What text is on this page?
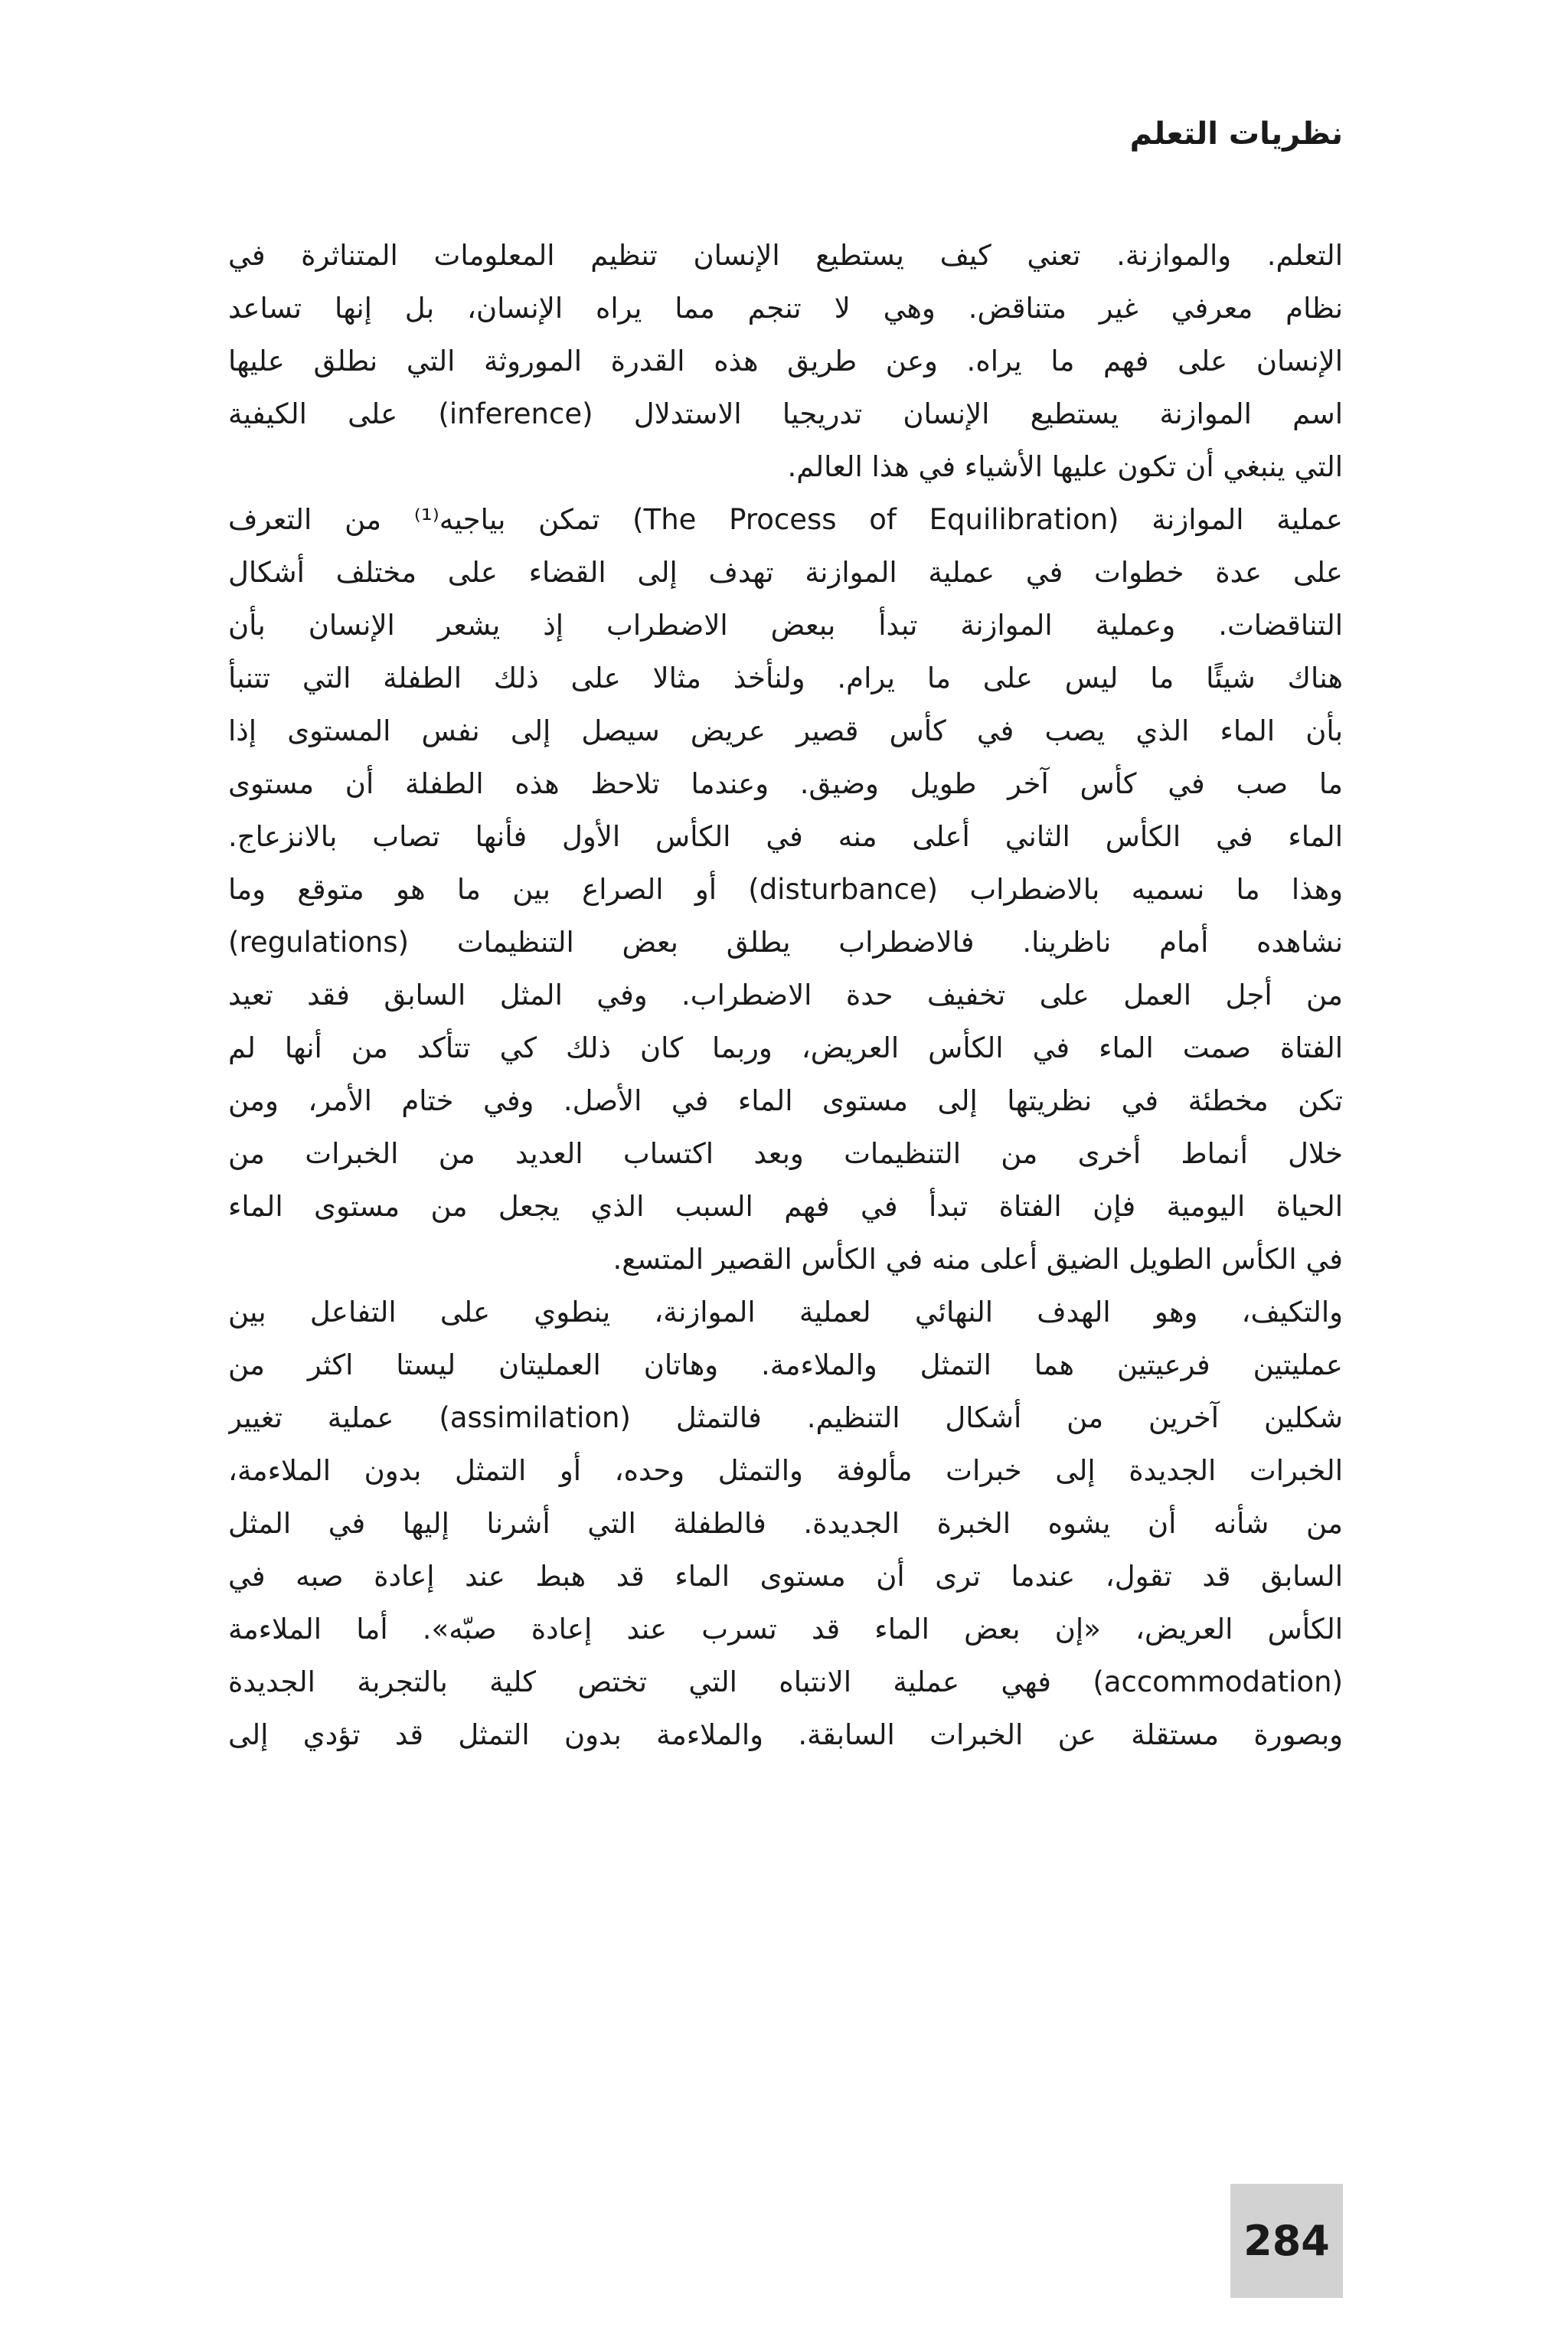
نظريات التعلم
التعلم. والموازنة. تعني كيف يستطيع الإنسان تنظيم المعلومات المتناثرة في
نظام معرفي غير متناقض. وهي لا تنجم مما يراه الإنسان، بل إنها تساعد
الإنسان على فهم ما يراه. وعن طريق هذه القدرة الموروثة التي نطلق عليها
اسم الموازنة يستطيع الإنسان تدريجيا الاستدلال (inference) على الكيفية
التي ينبغي أن تكون عليها الأشياء في هذا العالم.
عملية الموازنة (The Process of Equilibration) تمكن بياجيه⁽¹⁾ من التعرف
على عدة خطوات في عملية الموازنة تهدف إلى القضاء على مختلف أشكال
التناقضات. وعملية الموازنة تبدأ ببعض الاضطراب إذ يشعر الإنسان بأن
هناك شيئًا ما ليس على ما يرام. ولنأخذ مثالا على ذلك الطفلة التي تتنبأ
بأن الماء الذي يصب في كأس قصير عريض سيصل إلى نفس المستوى إذا
ما صب في كأس آخر طويل وضيق. وعندما تلاحظ هذه الطفلة أن مستوى
الماء في الكأس الثاني أعلى منه في الكأس الأول فأنها تصاب بالانزعاج.
وهذا ما نسميه بالاضطراب (disturbance) أو الصراع بين ما هو متوقع وما
نشاهده أمام ناظرينا. فالاضطراب يطلق بعض التنظيمات (regulations)
من أجل العمل على تخفيف حدة الاضطراب. وفي المثل السابق فقد تعيد
الفتاة صمت الماء في الكأس العريض، وربما كان ذلك كي تتأكد من أنها لم
تكن مخطئة في نظريتها إلى مستوى الماء في الأصل. وفي ختام الأمر، ومن
خلال أنماط أخرى من التنظيمات وبعد اكتساب العديد من الخبرات من
الحياة اليومية فإن الفتاة تبدأ في فهم السبب الذي يجعل من مستوى الماء
في الكأس الطويل الضيق أعلى منه في الكأس القصير المتسع.
والتكيف، وهو الهدف النهائي لعملية الموازنة، ينطوي على التفاعل بين
عمليتين فرعيتين هما التمثل والملاءمة. وهاتان العمليتان ليستا اكثر من
شكلين آخرين من أشكال التنظيم. فالتمثل (assimilation) عملية تغيير
الخبرات الجديدة إلى خبرات مألوفة والتمثل وحده، أو التمثل بدون الملاءمة،
من شأنه أن يشوه الخبرة الجديدة. فالطفلة التي أشرنا إليها في المثل
السابق قد تقول، عندما ترى أن مستوى الماء قد هبط عند إعادة صبه في
الكأس العريض، «إن بعض الماء قد تسرب عند إعادة صبّه». أما الملاءمة
(accommodation) فهي عملية الانتباه التي تختص كلية بالتجربة الجديدة
وبصورة مستقلة عن الخبرات السابقة. والملاءمة بدون التمثل قد تؤدي إلى
284
